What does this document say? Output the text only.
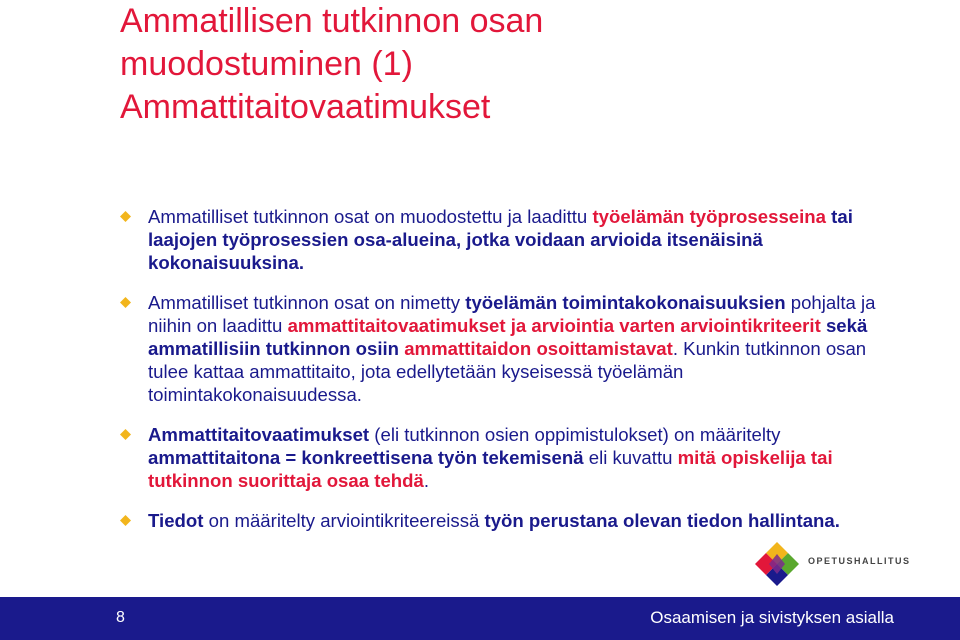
Ammatillisen tutkinnon osan
muodostuminen (1)
Ammattitaitovaatimukset
Ammatilliset tutkinnon osat on muodostettu ja laadittu työelämän työprosesseina tai laajojen työprosessien osa-alueina, jotka voidaan arvioida itsenäisinä kokonaisuuksina.
Ammatilliset tutkinnon osat on nimetty työelämän toimintakokonaisuuksien pohjalta ja niihin on laadittu ammattitaitovaatimukset ja arviointia varten arviointikriteerit sekä ammatillisiin tutkinnon osiin ammattitaidon osoittamistavat. Kunkin tutkinnon osan tulee kattaa ammattitaito, jota edellytetään kyseisessä työelämän toimintakokonaisuudessa.
Ammattitaitovaatimukset (eli tutkinnon osien oppimistulokset) on määritelty ammattitaitona = konkreettisena työn tekemisenä eli kuvattu mitä opiskelija tai tutkinnon suorittaja osaa tehdä.
Tiedot on määritelty arviointikriteereissä työn perustana olevan tiedon hallintana.
OPETUSHALLITUS
8	Osaamisen ja sivistyksen asialla
